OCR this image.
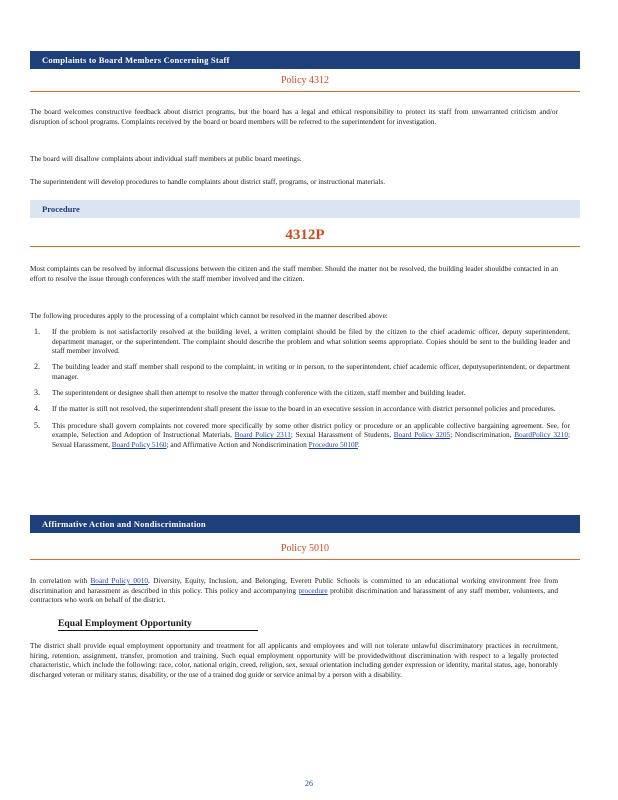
Complaints to Board Members Concerning Staff
Policy 4312

The board welcomes constructive feedback about district programs, but the board has a legal and ethical responsibility to protect its staff from unwarranted criticism and/or disruption of school programs. Complaints received by the board or board members will be referred to the superintendent for investigation.

The board will disallow complaints about individual staff members at public board meetings.

The superintendent will develop procedures to handle complaints about district staff, programs, or instructional materials.

Procedure
4312P

Most complaints can be resolved by informal discussions between the citizen and the staff member. Should the matter not be resolved, the building leader shouldbe contacted in an effort to resolve the issue through conferences with the staff member involved and the citizen.

The following procedures apply to the processing of a complaint which cannot be resolved in the manner described above:

1. If the problem is not satisfactorily resolved at the building level, a written complaint should be filed by the citizen to the chief academic officer, deputy superintendent, department manager, or the superintendent. The complaint should describe the problem and what solution seems appropriate. Copies should be sent to the building leader and staff member involved.
2. The building leader and staff member shall respond to the complaint, in writing or in person, to the superintendent, chief academic officer, deputysuperintendent, or department manager.
3. The superintendent or designee shall then attempt to resolve the matter through conference with the citizen, staff member and building leader.
4. If the matter is still not resolved, the superintendent shall present the issue to the board in an executive session in accordance with district personnel policies and procedures.
5. This procedure shall govern complaints not covered more specifically by some other district policy or procedure or an applicable collective bargaining agreement. See, for example, Selection and Adoption of Instructional Materials, Board Policy 2311; Sexual Harassment of Students, Board Policy 3205; Nondiscrimination, BoardPolicy 3210; Sexual Harassment, Board Policy 5160; and Affirmative Action and Nondiscrimination Procedure 5010P.
Affirmative Action and Nondiscrimination
Policy 5010

In correlation with Board Policy 0010, Diversity, Equity, Inclusion, and Belonging, Everett Public Schools is committed to an educational working environment free from discrimination and harassment as described in this policy. This policy and accompanying procedure prohibit discrimination and harassment of any staff member, volunteers, and contractors who work on behalf of the district.

Equal Employment Opportunity

The district shall provide equal employment opportunity and treatment for all applicants and employees and will not tolerate unlawful discriminatory practices in recruitment, hiring, retention, assignment, transfer, promotion and training. Such equal employment opportunity will be providedwithout discrimination with respect to a legally protected characteristic, which include the following: race, color, national origin, creed, religion, sex, sexual orientation including gender expression or identity, marital status, age, honorably discharged veteran or military status, disability, or the use of a trained dog guide or service animal by a person with a disability.

26
